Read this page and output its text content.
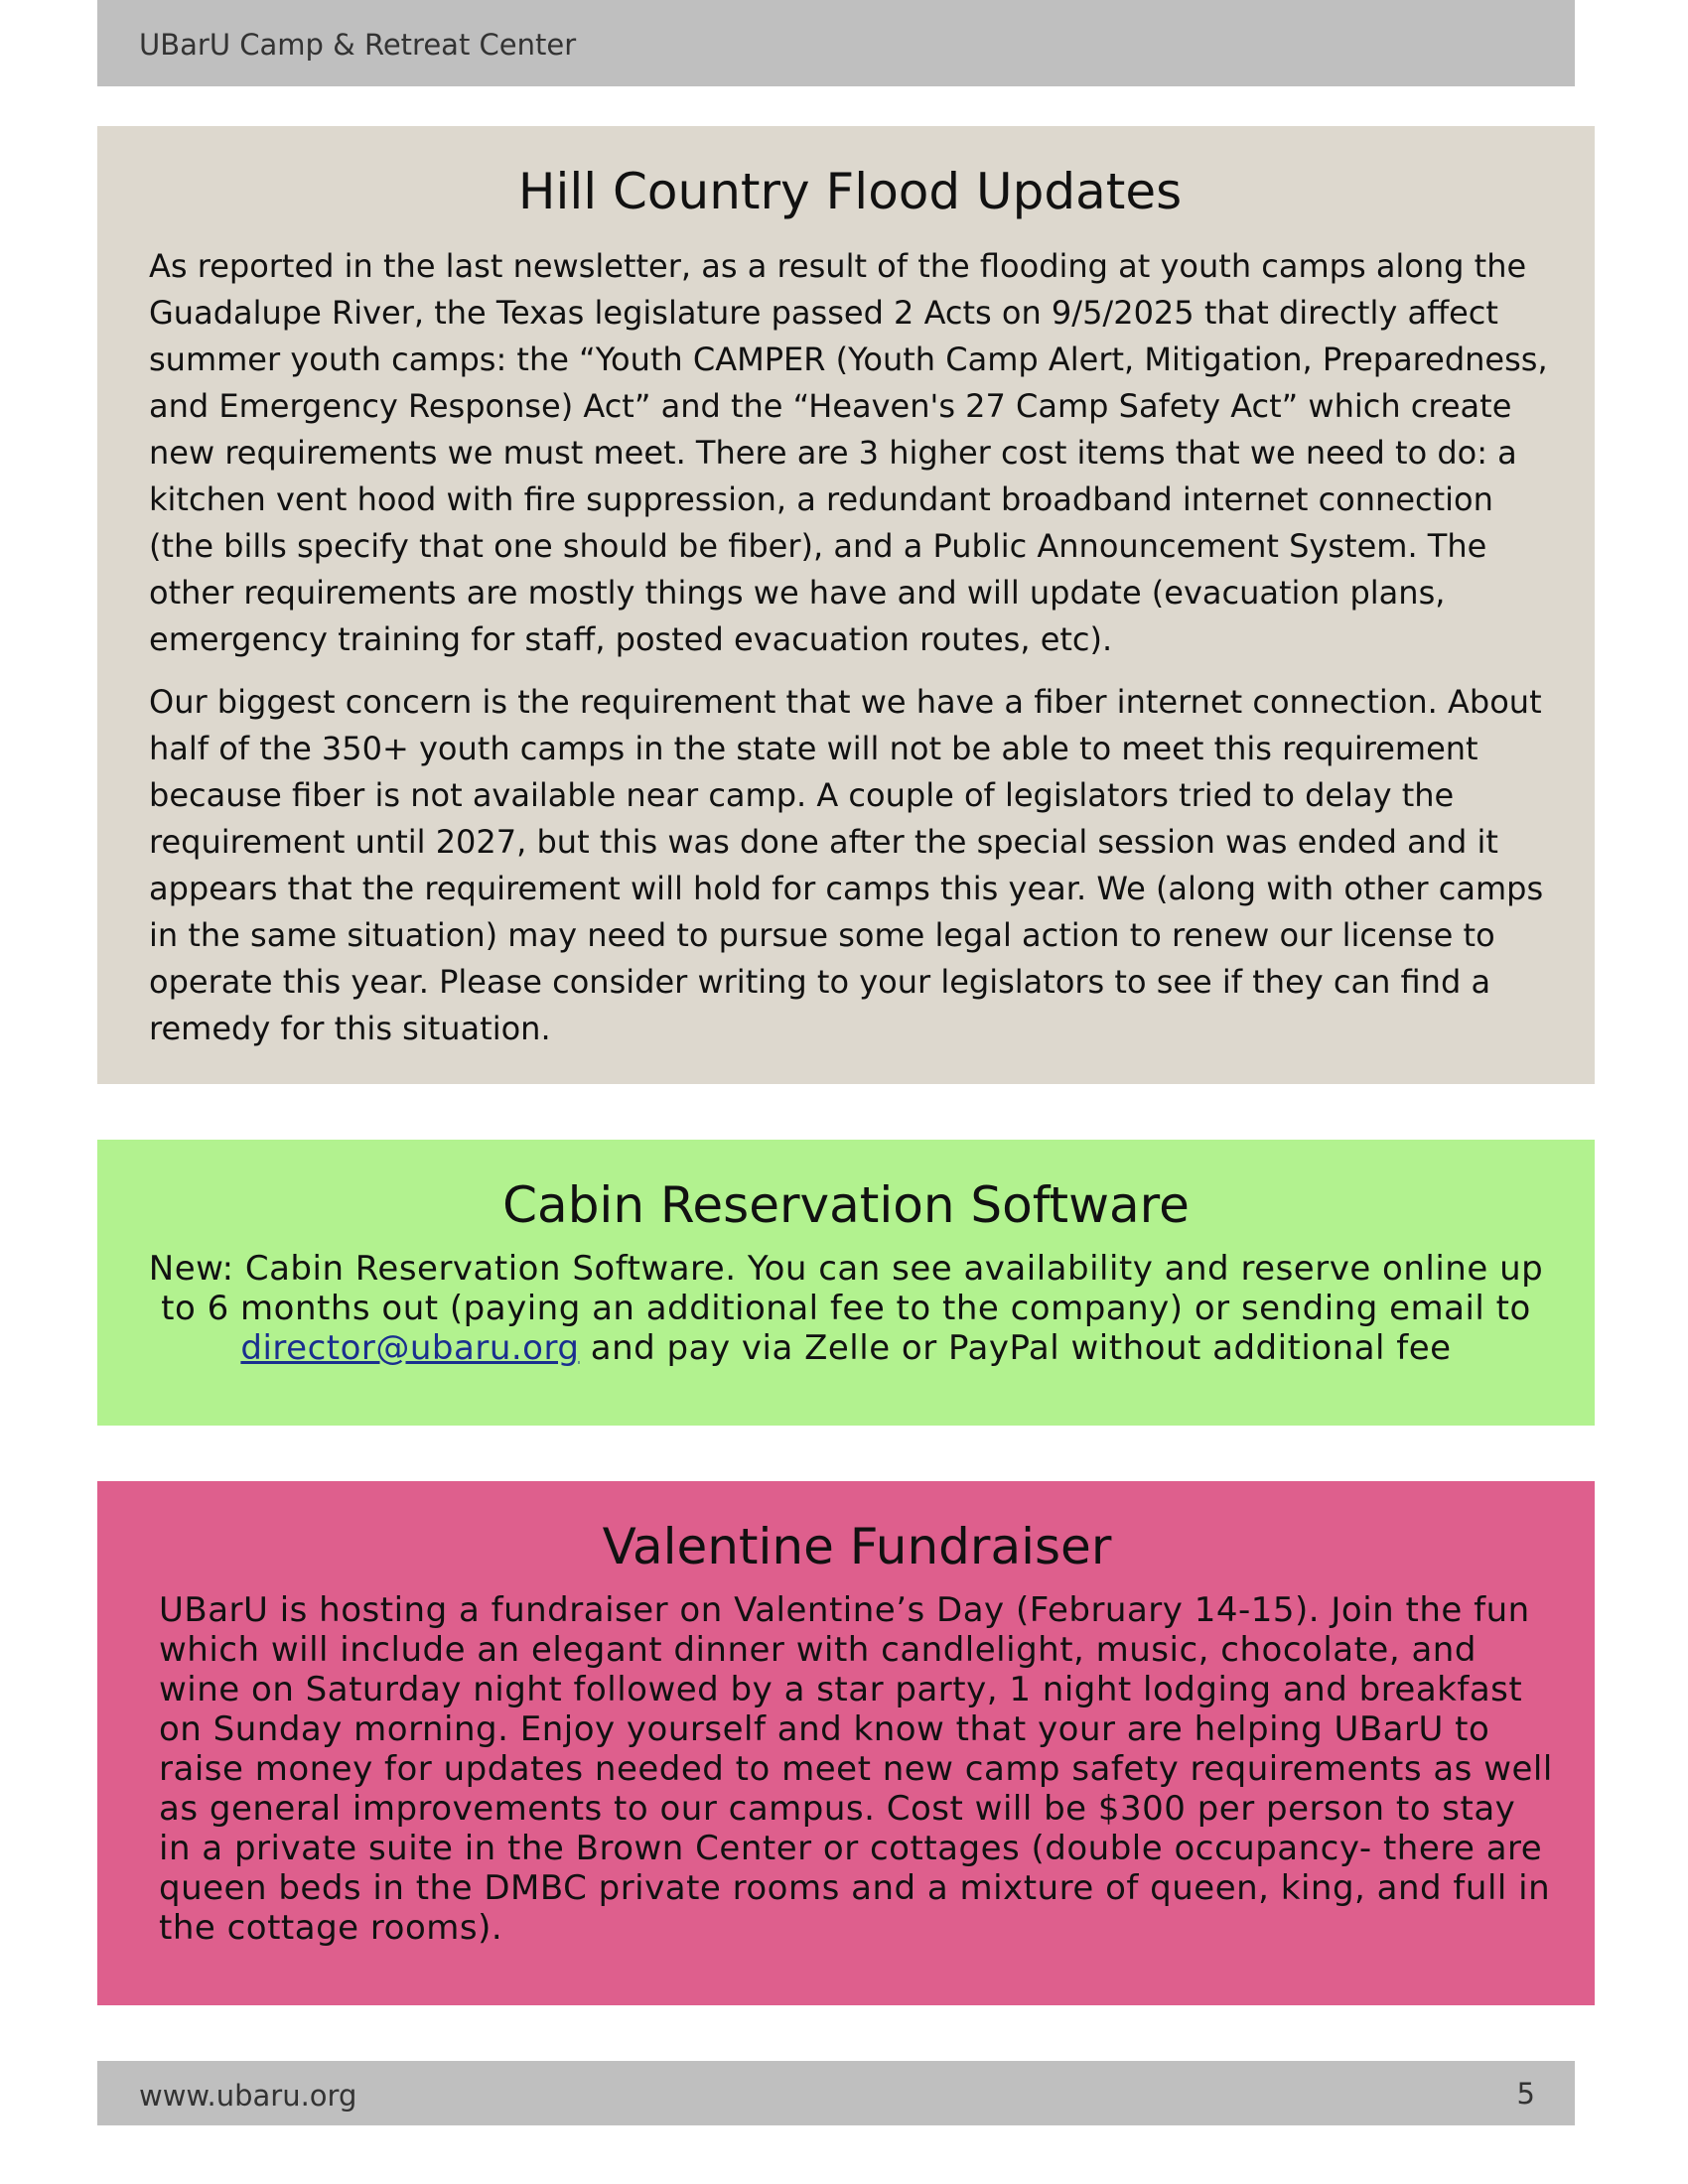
UBarU Camp & Retreat Center
Hill Country Flood Updates

As reported in the last newsletter, as a result of the flooding at youth camps along the Guadalupe River, the Texas legislature passed 2 Acts on 9/5/2025 that directly affect summer youth camps: the “Youth CAMPER (Youth Camp Alert, Mitigation, Preparedness, and Emergency Response) Act” and the “Heaven's 27 Camp Safety Act” which create new requirements we must meet. There are 3 higher cost items that we need to do: a kitchen vent hood with fire suppression, a redundant broadband internet connection (the bills specify that one should be fiber), and a Public Announcement System. The other requirements are mostly things we have and will update (evacuation plans, emergency training for staff, posted evacuation routes, etc).

Our biggest concern is the requirement that we have a fiber internet connection. About half of the 350+ youth camps in the state will not be able to meet this requirement because fiber is not available near camp. A couple of legislators tried to delay the requirement until 2027, but this was done after the special session was ended and it appears that the requirement will hold for camps this year. We (along with other camps in the same situation) may need to pursue some legal action to renew our license to operate this year. Please consider writing to your legislators to see if they can find a remedy for this situation.

Cabin Reservation Software

New: Cabin Reservation Software. You can see availability and reserve online up to 6 months out (paying an additional fee to the company) or sending email to director@ubaru.org and pay via Zelle or PayPal without additional fee

Valentine Fundraiser

UBarU is hosting a fundraiser on Valentine’s Day (February 14-15). Join the fun which will include an elegant dinner with candlelight, music, chocolate, and wine on Saturday night followed by a star party, 1 night lodging and breakfast on Sunday morning. Enjoy yourself and know that your are helping UBarU to raise money for updates needed to meet new camp safety requirements as well as general improvements to our campus. Cost will be $300 per person to stay in a private suite in the Brown Center or cottages (double occupancy- there are queen beds in the DMBC private rooms and a mixture of queen, king, and full in the cottage rooms).

www.ubaru.org	5
